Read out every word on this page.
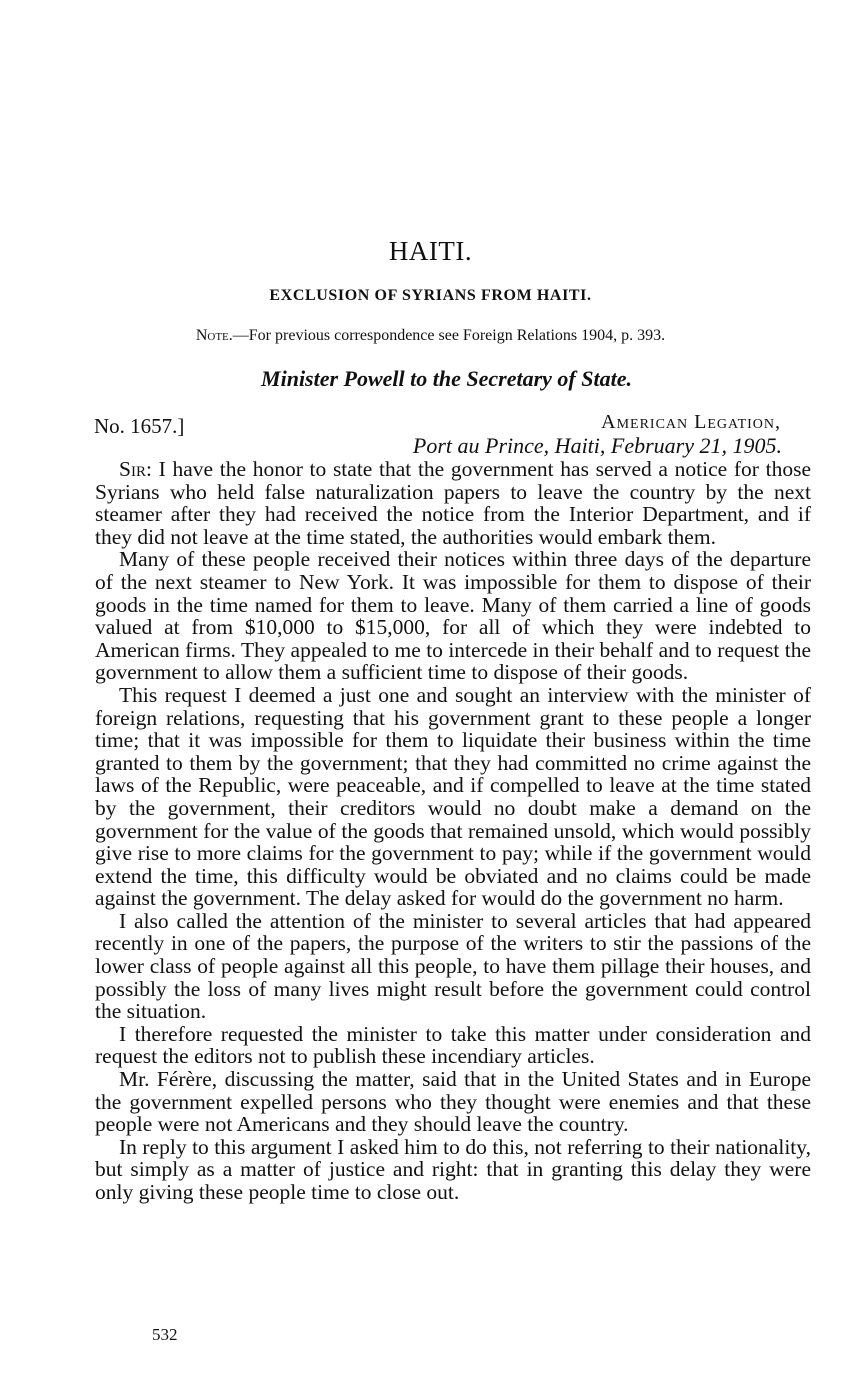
HAITI.
EXCLUSION OF SYRIANS FROM HAITI.

Note.—For previous correspondence see Foreign Relations 1904, p. 393.

Minister Powell to the Secretary of State.

No. 1657.]	American Legation,

Port au Prince, Haiti, February 21, 1905.

Sir: I have the honor to state that the government has served a notice for those Syrians who held false naturalization papers to leave the country by the next steamer after they had received the notice from the Interior Department, and if they did not leave at the time stated, the authorities would embark them.

Many of these people received their notices within three days of the departure of the next steamer to New York. It was impossible for them to dispose of their goods in the time named for them to leave. Many of them carried a line of goods valued at from $10,000 to $15,000, for all of which they were indebted to American firms. They appealed to me to intercede in their behalf and to request the government to allow them a sufficient time to dispose of their goods.

This request I deemed a just one and sought an interview with the minister of foreign relations, requesting that his government grant to these people a longer time; that it was impossible for them to liquidate their business within the time granted to them by the government; that they had committed no crime against the laws of the Republic, were peaceable, and if compelled to leave at the time stated by the government, their creditors would no doubt make a demand on the government for the value of the goods that remained unsold, which would possibly give rise to more claims for the government to pay; while if the government would extend the time, this difficulty would be obviated and no claims could be made against the government. The delay asked for would do the government no harm.

I also called the attention of the minister to several articles that had appeared recently in one of the papers, the purpose of the writers to stir the passions of the lower class of people against all this people, to have them pillage their houses, and possibly the loss of many lives might result before the government could control the situation.

I therefore requested the minister to take this matter under consideration and request the editors not to publish these incendiary articles.

Mr. Férère, discussing the matter, said that in the United States and in Europe the government expelled persons who they thought were enemies and that these people were not Americans and they should leave the country.

In reply to this argument I asked him to do this, not referring to their nationality, but simply as a matter of justice and right: that in granting this delay they were only giving these people time to close out.

532
